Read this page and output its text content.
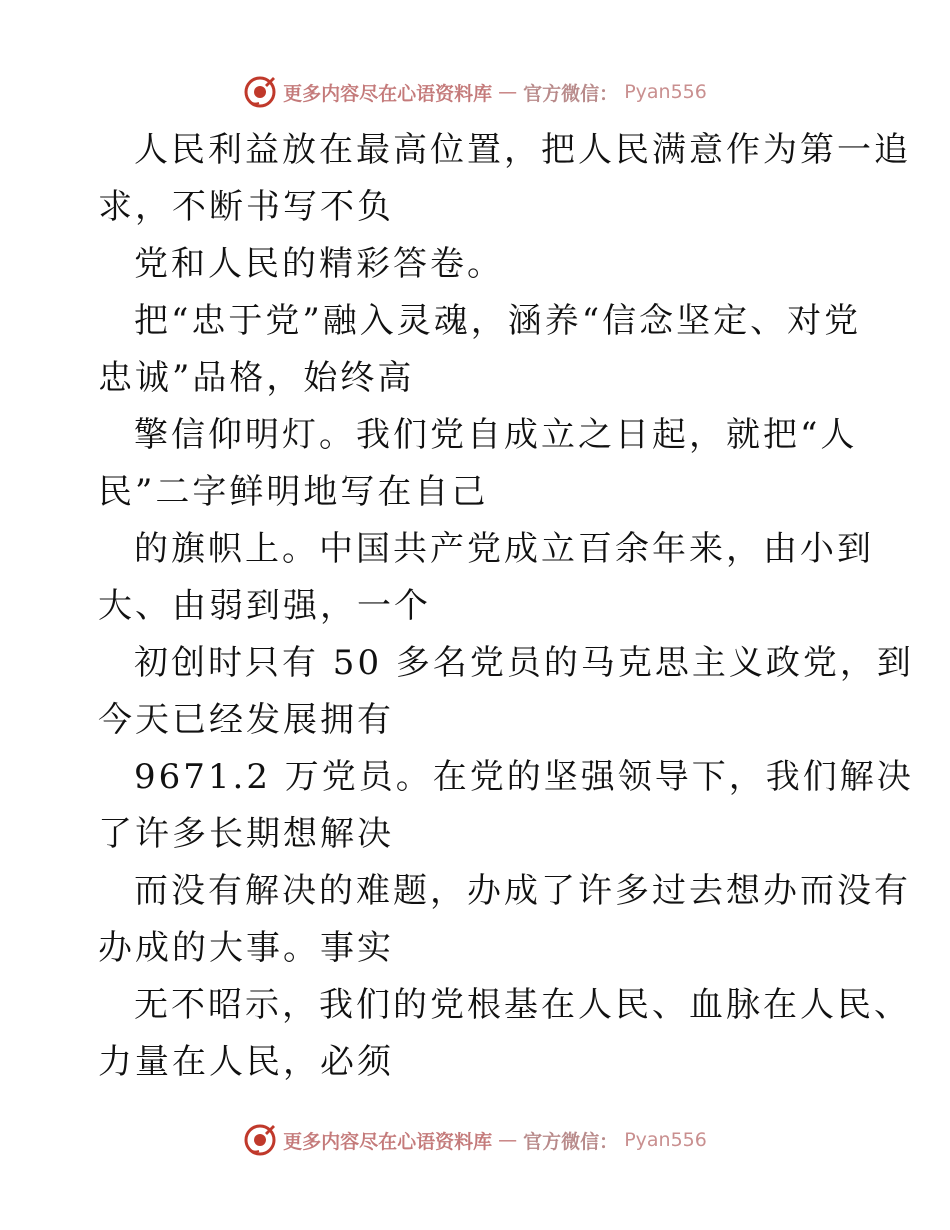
更多内容尽在心语资料库 — 官方微信： Pyan556
人民利益放在最高位置，把人民满意作为第一追
求，不断书写不负
党和人民的精彩答卷。
把“忠于党”融入灵魂，涵养“信念坚定、对党
忠诚”品格，始终高
擎信仰明灯。我们党自成立之日起，就把“人
民”二字鲜明地写在自己
的旗帜上。中国共产党成立百余年来，由小到
大、由弱到强，一个
初创时只有 50 多名党员的马克思主义政党，到
今天已经发展拥有
9671.2 万党员。在党的坚强领导下，我们解决
了许多长期想解决
而没有解决的难题，办成了许多过去想办而没有
办成的大事。事实
无不昭示，我们的党根基在人民、血脉在人民、
力量在人民，必须
更多内容尽在心语资料库 — 官方微信： Pyan556
